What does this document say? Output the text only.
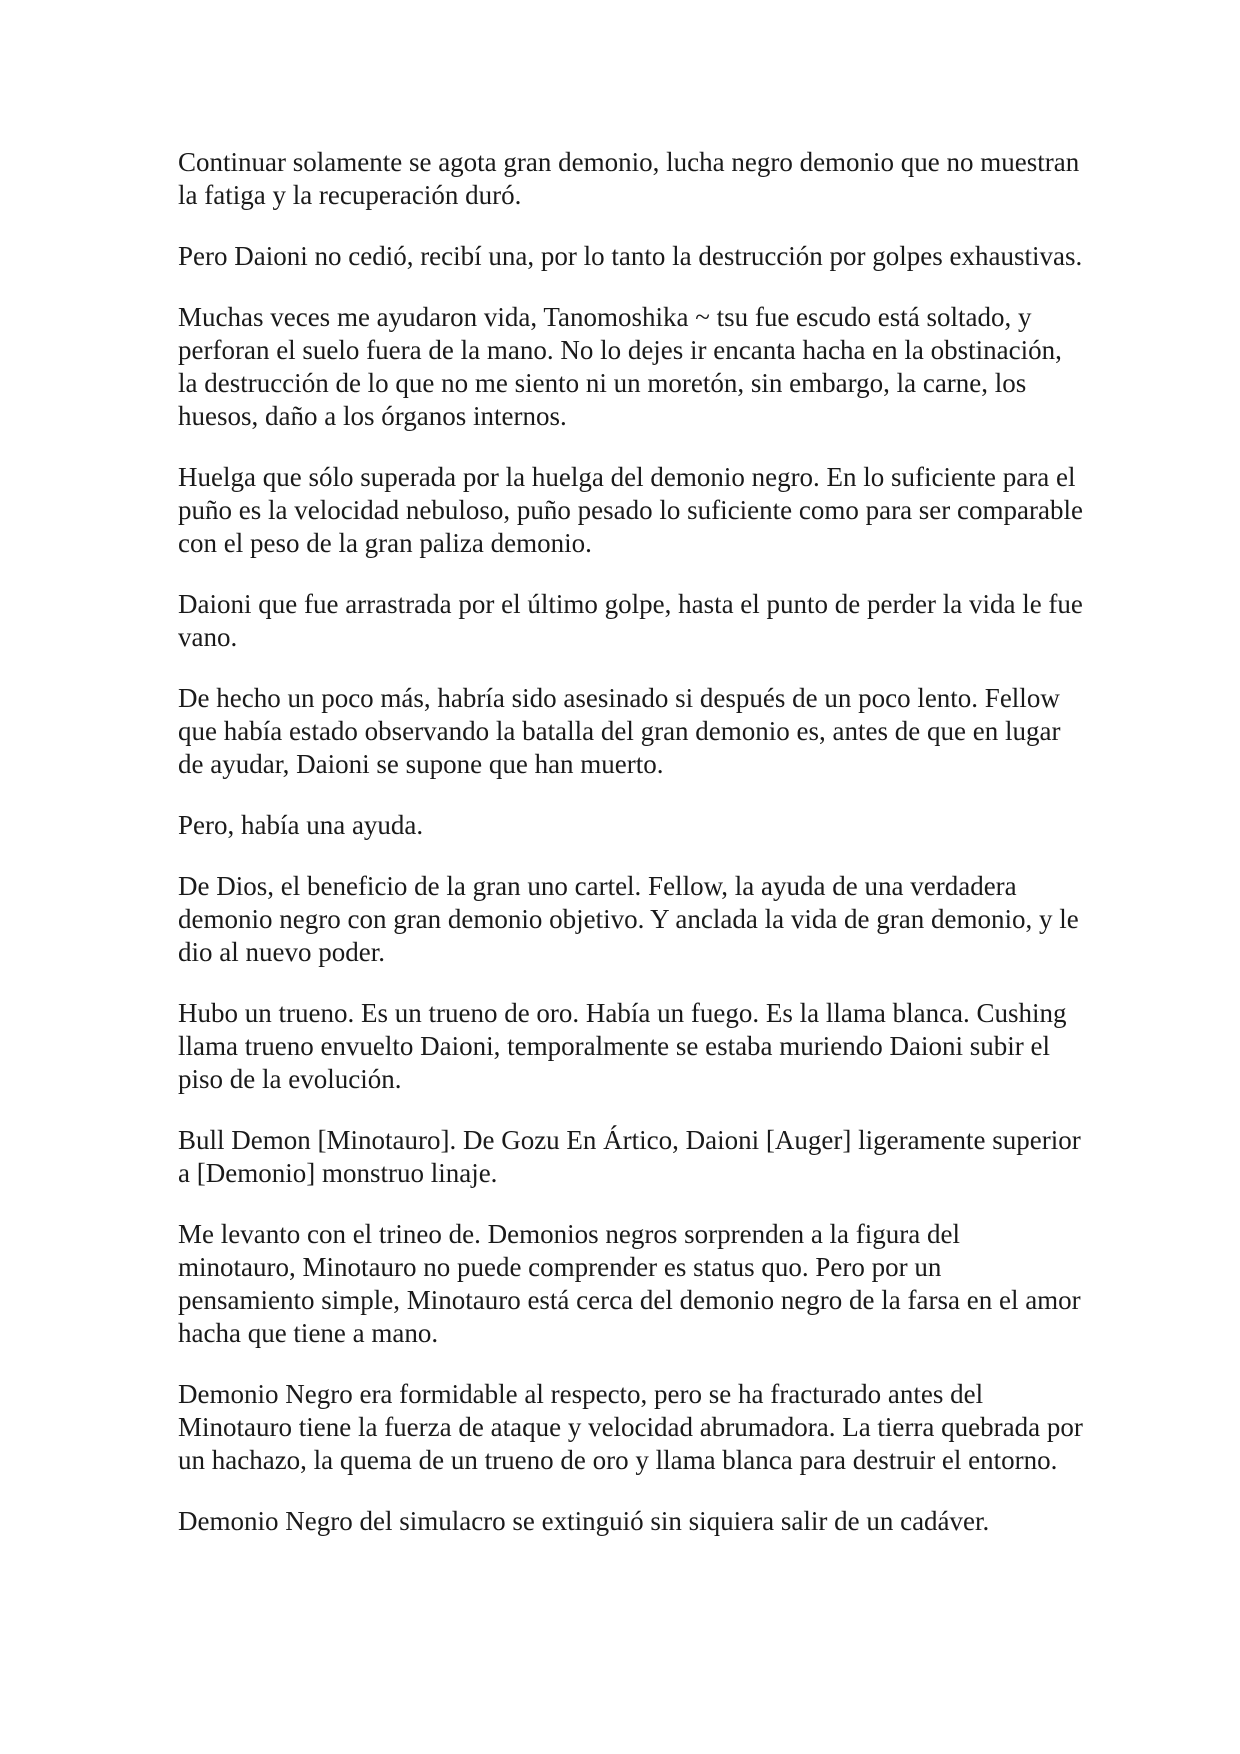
Continuar solamente se agota gran demonio, lucha negro demonio que no muestran la fatiga y la recuperación duró.

Pero Daioni no cedió, recibí una, por lo tanto la destrucción por golpes exhaustivas.

Muchas veces me ayudaron vida, Tanomoshika ~ tsu fue escudo está soltado, y perforan el suelo fuera de la mano. No lo dejes ir encanta hacha en la obstinación, la destrucción de lo que no me siento ni un moretón, sin embargo, la carne, los huesos, daño a los órganos internos.

Huelga que sólo superada por la huelga del demonio negro. En lo suficiente para el puño es la velocidad nebuloso, puño pesado lo suficiente como para ser comparable con el peso de la gran paliza demonio.

Daioni que fue arrastrada por el último golpe, hasta el punto de perder la vida le fue vano.

De hecho un poco más, habría sido asesinado si después de un poco lento. Fellow que había estado observando la batalla del gran demonio es, antes de que en lugar de ayudar, Daioni se supone que han muerto.

Pero, había una ayuda.

De Dios, el beneficio de la gran uno cartel. Fellow, la ayuda de una verdadera demonio negro con gran demonio objetivo. Y anclada la vida de gran demonio, y le dio al nuevo poder.

Hubo un trueno. Es un trueno de oro. Había un fuego. Es la llama blanca. Cushing llama trueno envuelto Daioni, temporalmente se estaba muriendo Daioni subir el piso de la evolución.

Bull Demon [Minotauro]. De Gozu En Ártico, Daioni [Auger] ligeramente superior a [Demonio] monstruo linaje.

Me levanto con el trineo de. Demonios negros sorprenden a la figura del minotauro, Minotauro no puede comprender es status quo. Pero por un pensamiento simple, Minotauro está cerca del demonio negro de la farsa en el amor hacha que tiene a mano.

Demonio Negro era formidable al respecto, pero se ha fracturado antes del Minotauro tiene la fuerza de ataque y velocidad abrumadora. La tierra quebrada por un hachazo, la quema de un trueno de oro y llama blanca para destruir el entorno.

Demonio Negro del simulacro se extinguió sin siquiera salir de un cadáver.
